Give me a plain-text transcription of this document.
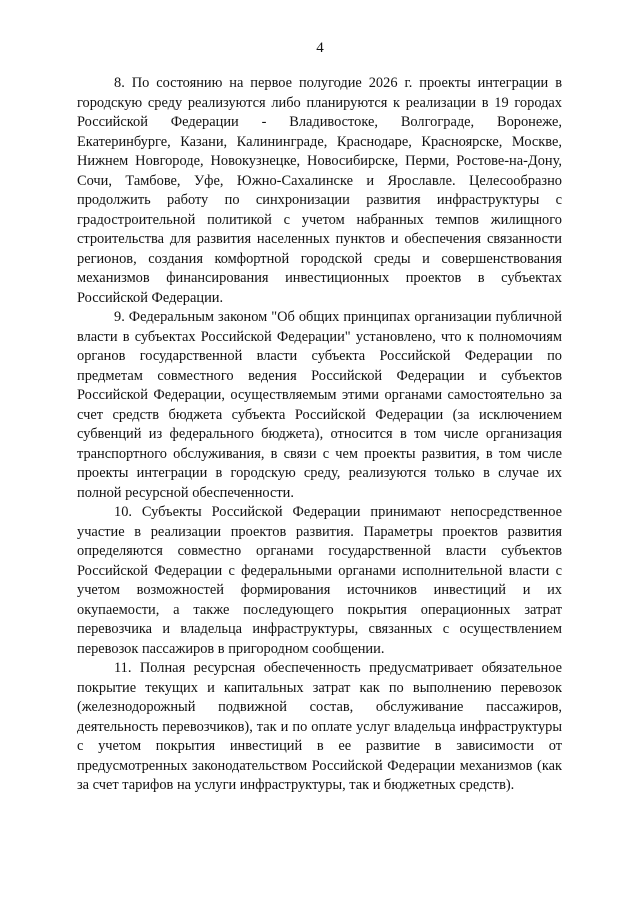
4

8. По состоянию на первое полугодие 2026 г. проекты интеграции в городскую среду реализуются либо планируются к реализации в 19 городах Российской Федерации - Владивостоке, Волгограде, Воронеже, Екатеринбурге, Казани, Калининграде, Краснодаре, Красноярске, Москве, Нижнем Новгороде, Новокузнецке, Новосибирске, Перми, Ростове-на-Дону, Сочи, Тамбове, Уфе, Южно-Сахалинске и Ярославле. Целесообразно продолжить работу по синхронизации развития инфраструктуры с градостроительной политикой с учетом набранных темпов жилищного строительства для развития населенных пунктов и обеспечения связанности регионов, создания комфортной городской среды и совершенствования механизмов финансирования инвестиционных проектов в субъектах Российской Федерации.

9. Федеральным законом "Об общих принципах организации публичной власти в субъектах Российской Федерации" установлено, что к полномочиям органов государственной власти субъекта Российской Федерации по предметам совместного ведения Российской Федерации и субъектов Российской Федерации, осуществляемым этими органами самостоятельно за счет средств бюджета субъекта Российской Федерации (за исключением субвенций из федерального бюджета), относится в том числе организация транспортного обслуживания, в связи с чем проекты развития, в том числе проекты интеграции в городскую среду, реализуются только в случае их полной ресурсной обеспеченности.

10. Субъекты Российской Федерации принимают непосредственное участие в реализации проектов развития. Параметры проектов развития определяются совместно органами государственной власти субъектов Российской Федерации с федеральными органами исполнительной власти с учетом возможностей формирования источников инвестиций и их окупаемости, а также последующего покрытия операционных затрат перевозчика и владельца инфраструктуры, связанных с осуществлением перевозок пассажиров в пригородном сообщении.

11. Полная ресурсная обеспеченность предусматривает обязательное покрытие текущих и капитальных затрат как по выполнению перевозок (железнодорожный подвижной состав, обслуживание пассажиров, деятельность перевозчиков), так и по оплате услуг владельца инфраструктуры с учетом покрытия инвестиций в ее развитие в зависимости от предусмотренных законодательством Российской Федерации механизмов (как за счет тарифов на услуги инфраструктуры, так и бюджетных средств).
